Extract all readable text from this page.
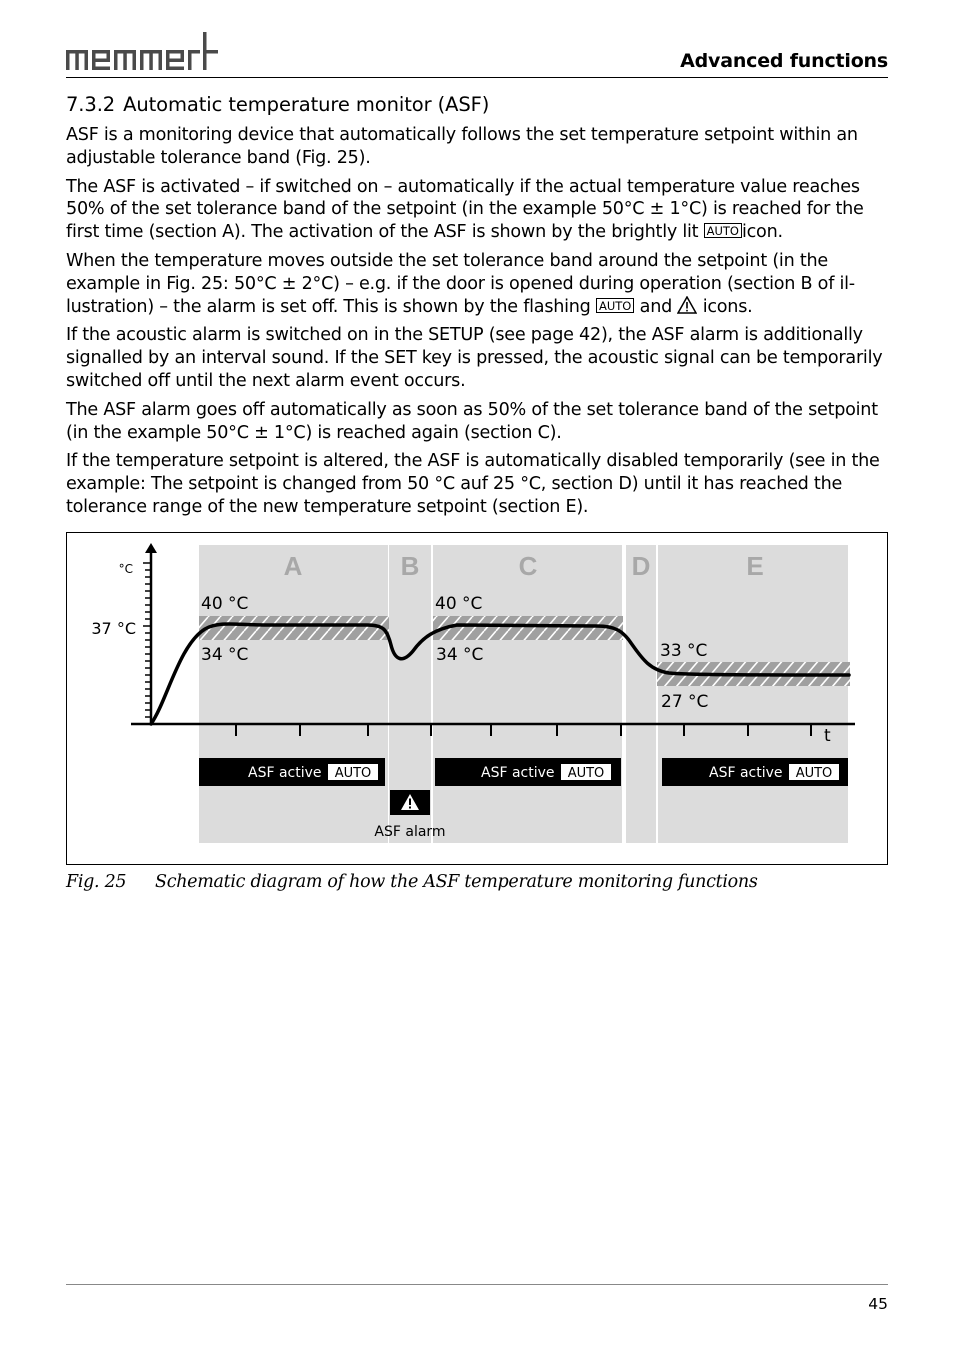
Advanced functions
7.3.2 Automatic temperature monitor (ASF)

ASF is a monitoring device that automatically follows the set temperature setpoint within an adjustable tolerance band (Fig. 25).

The ASF is activated – if switched on – automatically if the actual temperature value reaches 50% of the set tolerance band of the setpoint (in the example 50°C ± 1°C) is reached for the first time (section A). The activation of the ASF is shown by the brightly lit AUTO icon.

When the temperature moves outside the set tolerance band around the setpoint (in the example in Fig. 25: 50°C ± 2°C) – e.g. if the door is opened during operation (section B of il-lustration) – the alarm is set off. This is shown by the flashing AUTO and  icons.

If the acoustic alarm is switched on in the SETUP (see page 42), the ASF alarm is additionally signalled by an interval sound. If the SET key is pressed, the acoustic signal can be temporarily switched off until the next alarm event occurs.

The ASF alarm goes off automatically as soon as 50% of the set tolerance band of the setpoint (in the example 50°C ± 1°C) is reached again (section C).

If the temperature setpoint is altered, the ASF is automatically disabled temporarily (see in the example: The setpoint is changed from 50 °C auf 25 °C, section D) until it has reached the tolerance range of the new temperature setpoint (section E).

A	B	C	D	E
40 °C
34 °C
40 °C
34 °C	33 °C
27 °C
°C
37 °C
t
ASF active AUTO	ASF active AUTO	ASF active AUTO
ASF alarm
Fig. 25 Schematic diagram of how the ASF temperature monitoring functions
45
